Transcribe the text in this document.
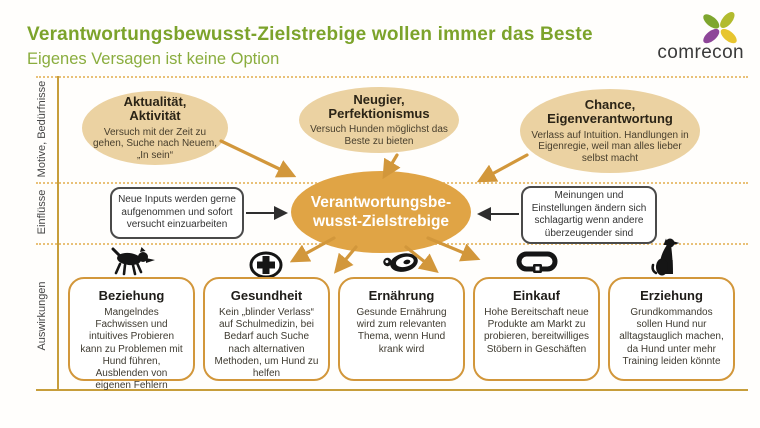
Verantwortungsbewusst-Zielstrebige wollen immer das Beste
Eigenes Versagen ist keine Option	comrecon
Motive, Bedürfnisse
Einflüsse
Auswirkungen
Aktualität,
Aktivität
Versuch mit der Zeit zu gehen, Suche nach Neuem, „In sein“
Neugier,
Perfektionismus
Versuch Hunden möglichst das Beste zu bieten
Chance,
Eigenverantwortung
Verlass auf Intuition. Handlungen in Eigenregie, weil man alles lieber selbst macht
Verantwortungsbe-
wusst-Zielstrebige
Neue Inputs werden gerne aufgenommen und sofort versucht einzuarbeiten
Meinungen und Einstellungen ändern sich schlagartig wenn andere überzeugender sind
Beziehung
Mangelndes Fachwissen und intuitives Probieren kann zu Problemen mit Hund führen, Ausblenden von eigenen Fehlern
Gesundheit
Kein „blinder Verlass“ auf Schulmedizin, bei Bedarf auch Suche nach alternativen Methoden, um Hund zu helfen
Ernährung
Gesunde Ernährung wird zum relevanten Thema, wenn Hund krank wird
Einkauf
Hohe Bereitschaft neue Produkte am Markt zu probieren, bereitwilliges Stöbern in Geschäften
Erziehung
Grundkommandos sollen Hund nur alltagstauglich machen, da Hund unter mehr Training leiden könnte
